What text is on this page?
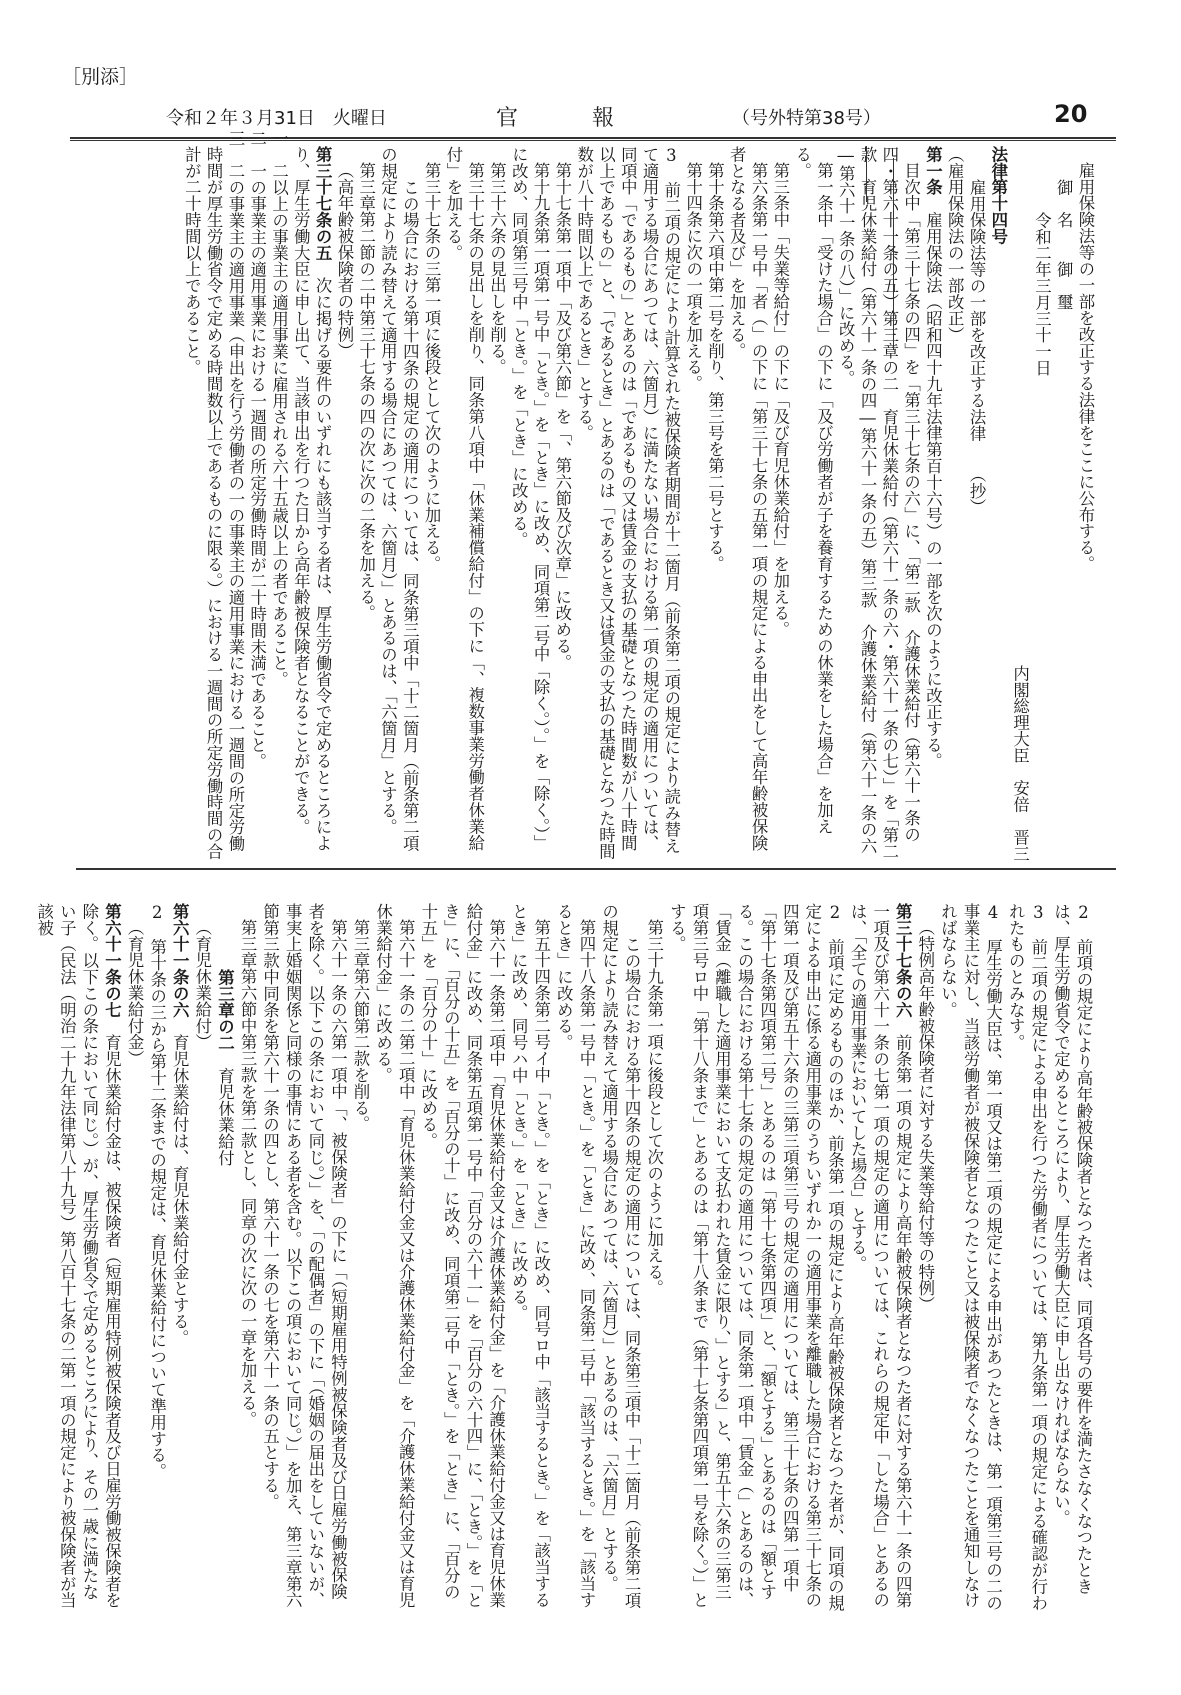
［別添］
令和２年３月31日　火曜日	官	報	（号外特第38号）	20

雇用保険法等の一部を改正する法律をここに公布する。

御　名　　御　璽

令和二年三月三十一日

内閣総理大臣　安倍　晋三

法律第十四号

雇用保険法等の一部を改正する法律　　（抄）

（雇用保険法の一部改正）

第一条　雇用保険法（昭和四十九年法律第百十六号）の一部を次のように改正する。

目次中「第三十七条の四」を「第三十七条の六」に、「第二款　介護休業給付（第六十一条の四・第六十一条の五）第三章の二　育児休業給付（第六十一条の六・第六十一条の七）」を「第二款　育児休業給付（第六十一条の四―第六十一条の五）第三款　介護休業給付（第六十一条の六―第六十一条の八）」に改める。

第一条中「受けた場合」の下に「及び労働者が子を養育するための休業をした場合」を加える。

第三条中「失業等給付」の下に「及び育児休業給付」を加える。

第六条第一号中「者（」の下に「第三十七条の五第一項の規定による申出をして高年齢被保険者となる者及び」を加える。

第十条第六項中第二号を削り、第三号を第二号とする。

第十四条に次の一項を加える。

3　前二項の規定により計算された被保険者期間が十二箇月（前条第二項の規定により読み替えて適用する場合にあつては、六箇月）に満たない場合における第一項の規定の適用については、同項中「であるもの」とあるのは「であるもの又は賃金の支払の基礎となつた時間数が八十時間以上であるもの」と、「であるとき」とあるのは「であるとき又は賃金の支払の基礎となつた時間数が八十時間以上であるとき」とする。

第十七条第一項中「及び第六節」を「、第六節及び次章」に改める。

第十九条第一項第一号中「とき。」を「とき」に改め、同項第二号中「除く。）。」を「除く。）」に改め、同項第三号中「とき。」を「とき」に改める。

第三十六条の見出しを削る。

第三十七条の見出しを削り、同条第八項中「休業補償給付」の下に「、複数事業労働者休業給付」を加える。

第三十七条の三第一項に後段として次のように加える。

この場合における第十四条の規定の適用については、同条第三項中「十二箇月（前条第二項の規定により読み替えて適用する場合にあつては、六箇月）」とあるのは、「六箇月」とする。

第三章第二節の二中第三十七条の四の次に次の二条を加える。

（高年齢被保険者の特例）

第三十七条の五　次に掲げる要件のいずれにも該当する者は、厚生労働省令で定めるところにより、厚生労働大臣に申し出て、当該申出を行つた日から高年齢被保険者となることができる。

一　二以上の事業主の適用事業に雇用される六十五歳以上の者であること。

二　一の事業主の適用事業における一週間の所定労働時間が二十時間未満であること。

三　二の事業主の適用事業（申出を行う労働者の一の事業主の適用事業における一週間の所定労働時間が厚生労働省令で定める時間数以上であるものに限る。）における一週間の所定労働時間の合計が二十時間以上であること。

2　前項の規定により高年齢被保険者となつた者は、同項各号の要件を満たさなくなつたときは、厚生労働省令で定めるところにより、厚生労働大臣に申し出なければならない。

3　前二項の規定による申出を行つた労働者については、第九条第一項の規定による確認が行われたものとみなす。

4　厚生労働大臣は、第一項又は第二項の規定による申出があつたときは、第一項第三号の二の事業主に対し、当該労働者が被保険者となつたこと又は被保険者でなくなつたことを通知しなければならない。

（特例高年齢被保険者に対する失業等給付等の特例）

第三十七条の六　前条第一項の規定により高年齢被保険者となつた者に対する第六十一条の四第一項及び第六十一条の七第一項の規定の適用については、これらの規定中「した場合」とあるのは、「全ての適用事業においてした場合」とする。

2　前項に定めるもののほか、前条第一項の規定により高年齢被保険者となつた者が、同項の規定による申出に係る適用事業のうちいずれか一の適用事業を離職した場合における第三十七条の四第一項及び第五十六条の三第三項第三号の規定の適用については、第三十七条の四第一項中「第十七条第四項第二号」とあるのは「第十七条第四項」と、「額とする」とあるのは「額とする。この場合における第十七条の規定の適用については、同条第一項中「賃金（」とあるのは、「賃金（離職した適用事業において支払われた賃金に限り、」とする」と、第五十六条の三第三項第三号ロ中「第十八条まで」とあるのは「第十八条まで（第十七条第四項第一号を除く。）」とする。

第三十九条第一項に後段として次のように加える。

この場合における第十四条の規定の適用については、同条第三項中「十二箇月（前条第二項の規定により読み替えて適用する場合にあつては、六箇月）」とあるのは、「六箇月」とする。

第四十八条第一号中「とき。」を「とき」に改め、同条第二号中「該当するとき。」を「該当するとき」に改める。

第五十四条第二号イ中「とき。」を「とき」に改め、同号ロ中「該当するとき。」を「該当するとき」に改め、同号ハ中「とき。」を「とき」に改める。

第六十一条第二項中「育児休業給付金又は介護休業給付金」を「介護休業給付金又は育児休業給付金」に改め、同条第五項第一号中「百分の六十一」を「百分の六十四」に、「とき。」を「とき」に、「百分の十五」を「百分の十」に改め、同項第二号中「とき。」を「とき」に、「百分の十五」を「百分の十」に改める。

第六十一条の二第二項中「育児休業給付金又は介護休業給付金」を「介護休業給付金又は育児休業給付金」に改める。

第三章第六節第二款を削る。

第六十一条の六第一項中「、被保険者」の下に「（短期雇用特例被保険者及び日雇労働被保険者を除く。以下この条において同じ。）」を、「の配偶者」の下に「（婚姻の届出をしていないが、事実上婚姻関係と同様の事情にある者を含む。以下この項において同じ。）」を加え、第三章第六節第三款中同条を第六十一条の四とし、第六十一条の七を第六十一条の五とする。

第三章第六節中第三款を第二款とし、同章の次に次の一章を加える。

第三章の二　育児休業給付

（育児休業給付）

第六十一条の六　育児休業給付は、育児休業給付金とする。

2　第十条の三から第十二条までの規定は、育児休業給付について準用する。

（育児休業給付金）

第六十一条の七　育児休業給付金は、被保険者（短期雇用特例被保険者及び日雇労働被保険者を除く。以下この条において同じ。）が、厚生労働省令で定めるところにより、その一歳に満たない子（民法（明治二十九年法律第八十九号）第八百十七条の二第一項の規定により被保険者が当該被
